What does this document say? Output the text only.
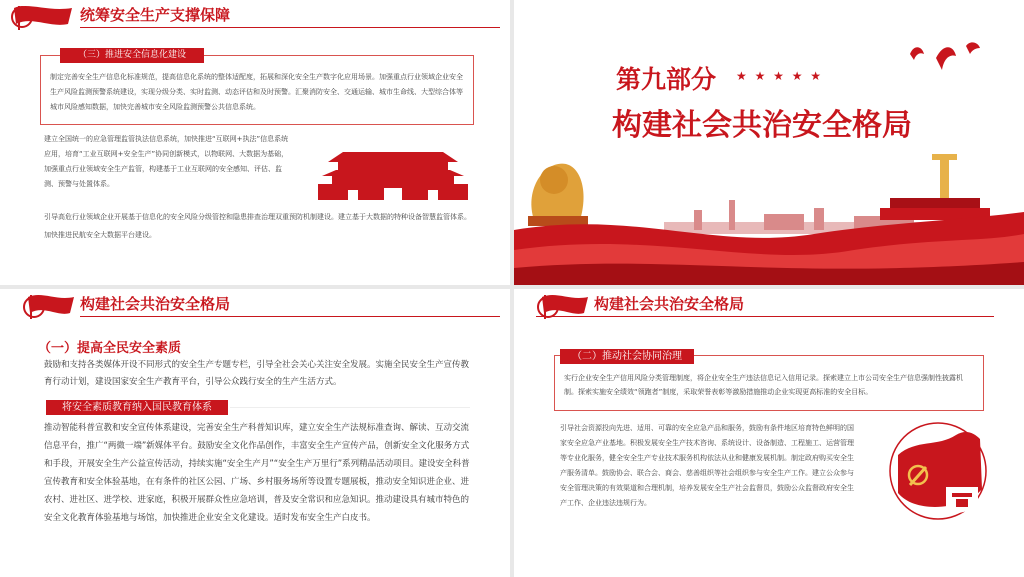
统筹安全生产支撑保障
（三）推进安全信息化建设
制定完善安全生产信息化标准规范，提高信息化系统的整体适配度，拓展和深化安全生产数字化应用场景。加强重点行业领域企业安全生产风险监测预警系统建设，实现分级分类、实时监测、动态评估和及时预警。汇聚消防安全、交通运输、城市生命线、大型综合体等城市风险感知数据，加快完善城市安全风险监测预警公共信息系统。
建立全国统一的应急管理监管执法信息系统，加快推进“互联网+执法”信息系统应用，培育“工业互联网+安全生产”协同创新模式，以物联网、大数据为基础，加强重点行业领域安全生产监管，构建基于工业互联网的安全感知、评估、监测、预警与处置体系。
引导高危行业领域企业开展基于信息化的安全风险分级管控和隐患排查治理双重预防机制建设。建立基于大数据的特种设备智慧监管体系。加快推进民航安全大数据平台建设。
第九部分 ★ ★ ★ ★ ★
构建社会共治安全格局
构建社会共治安全格局
（一）提高全民安全素质
鼓励和支持各类媒体开设不同形式的安全生产专题专栏，引导全社会关心关注安全发展。实施全民安全生产宣传教育行动计划，建设国家安全生产教育平台，引导公众践行安全的生产生活方式。
将安全素质教育纳入国民教育体系
推动智能科普宣教和安全宣传体系建设，完善安全生产科普知识库，建立安全生产法规标准查询、解读、互动交流信息平台，推广“两微一端”新媒体平台。鼓励安全文化作品创作，丰富安全生产宣传产品，创新安全文化服务方式和手段，开展安全生产公益宣传活动，持续实施“安全生产月”“安全生产万里行”系列精品活动项目。建设安全科普宣传教育和安全体验基地，在有条件的社区公园、广场、乡村服务场所等设置专题展板，推动安全知识进企业、进农村、进社区、进学校、进家庭，积极开展群众性应急培训，普及安全常识和应急知识。推动建设具有城市特色的安全文化教育体验基地与场馆，加快推进企业安全文化建设。适时发布安全生产白皮书。
构建社会共治安全格局
（二）推动社会协同治理
实行企业安全生产信用风险分类管理制度，将企业安全生产违法信息记入信用记录。探索建立上市公司安全生产信息强制性披露机制。探索实施安全绩效“领跑者”制度，采取荣誉表彰等激励措施推动企业实现更高标准的安全目标。
引导社会资源投向先进、适用、可靠的安全应急产品和服务，鼓励有条件地区培育特色鲜明的国家安全应急产业基地。积极发展安全生产技术咨询、系统设计、设备制造、工程施工、运营管理等专业化服务，健全安全生产专业技术服务机构依法从业和健康发展机制。制定政府购买安全生产服务清单。鼓励协会、联合会、商会、慈善组织等社会组织参与安全生产工作。建立公众参与安全管理决策的有效渠道和合理机制，培养发展安全生产社会监督员，鼓励公众监督政府安全生产工作、企业违法违规行为。
